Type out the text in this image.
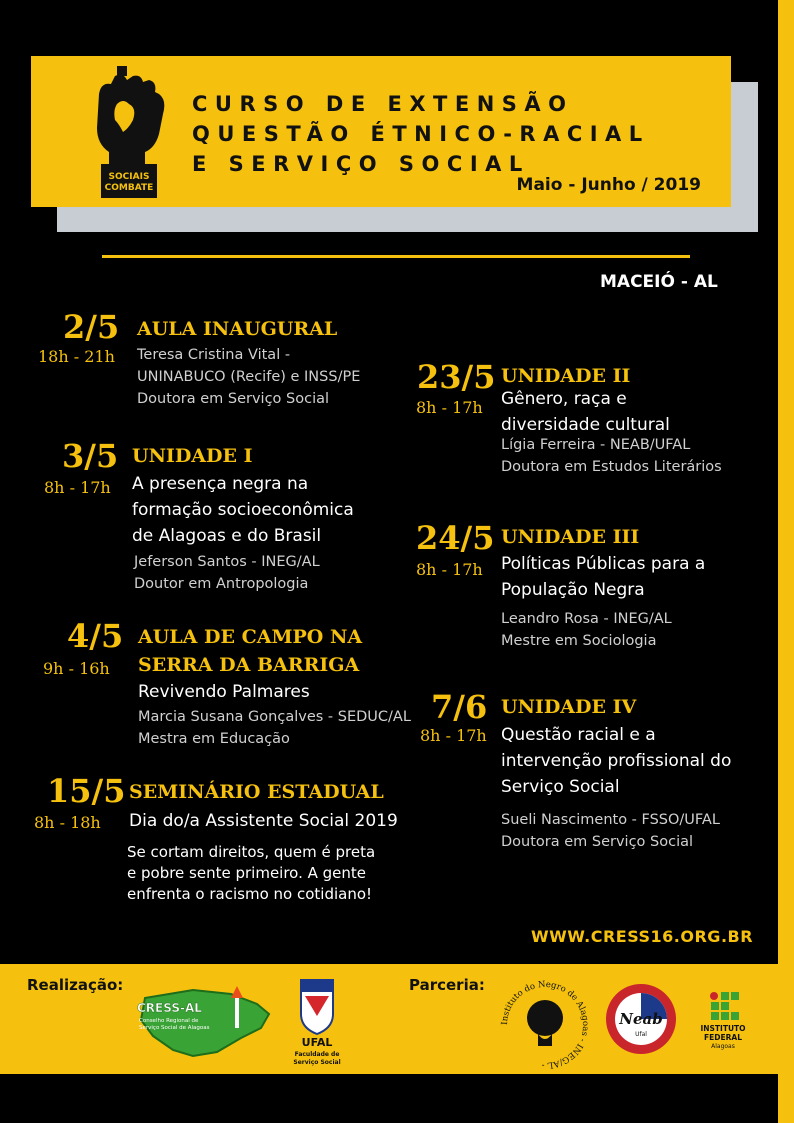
SOCIAIS
COMBATE
CURSO DE EXTENSÃO
QUESTÃO ÉTNICO-RACIAL
E SERVIÇO SOCIAL
Maio - Junho / 2019
MACEIÓ - AL
2/5
18h - 21h
AULA INAUGURAL
Teresa Cristina Vital -
UNINABUCO (Recife) e INSS/PE
Doutora em Serviço Social
3/5
8h - 17h
UNIDADE I
A presença negra na
formação socioeconômica
de Alagoas e do Brasil
Jeferson Santos - INEG/AL
Doutor em Antropologia
4/5
9h - 16h
AULA DE CAMPO NA
SERRA DA BARRIGA
Revivendo Palmares
Marcia Susana Gonçalves - SEDUC/AL
Mestra em Educação
15/5
8h - 18h
SEMINÁRIO ESTADUAL
Dia do/a Assistente Social 2019
Se cortam direitos, quem é preta
e pobre sente primeiro. A gente
enfrenta o racismo no cotidiano!
23/5
8h - 17h
UNIDADE II
Gênero, raça e
diversidade cultural
Lígia Ferreira - NEAB/UFAL
Doutora em Estudos Literários
24/5
8h - 17h
UNIDADE III
Políticas Públicas para a
População Negra
Leandro Rosa - INEG/AL
Mestre em Sociologia
7/6
8h - 17h
UNIDADE IV
Questão racial e a
intervenção profissional do
Serviço Social
Sueli Nascimento - FSSO/UFAL
Doutora em Serviço Social
WWW.CRESS16.ORG.BR
Realização:	Parceria:
CRESS-AL
Conselho Regional de
Serviço Social de Alagoas
UFAL
Faculdade de
Serviço Social
Instituto do Negro de Alagoas - INEG/AL -
Neab
Ufal
INSTITUTO
FEDERAL
Alagoas
